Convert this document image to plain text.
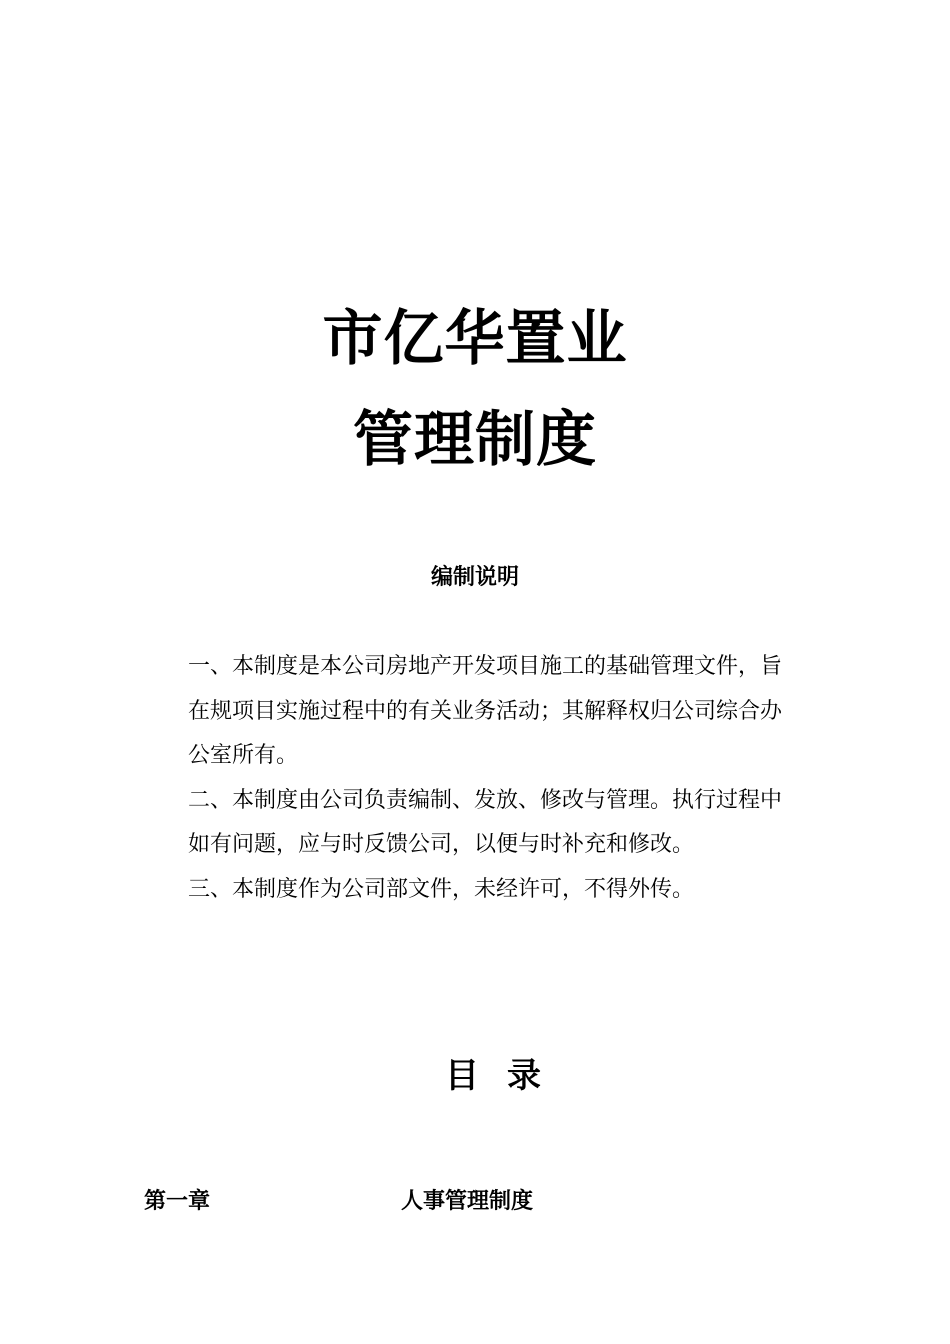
市亿华置业
管理制度
编制说明
一、本制度是本公司房地产开发项目施工的基础管理文件，旨
在规项目实施过程中的有关业务活动；其解释权归公司综合办
公室所有。
二、本制度由公司负责编制、发放、修改与管理。执行过程中
如有问题，应与时反馈公司，以便与时补充和修改。
三、本制度作为公司部文件，未经许可，不得外传。
目录
第一章	人事管理制度
